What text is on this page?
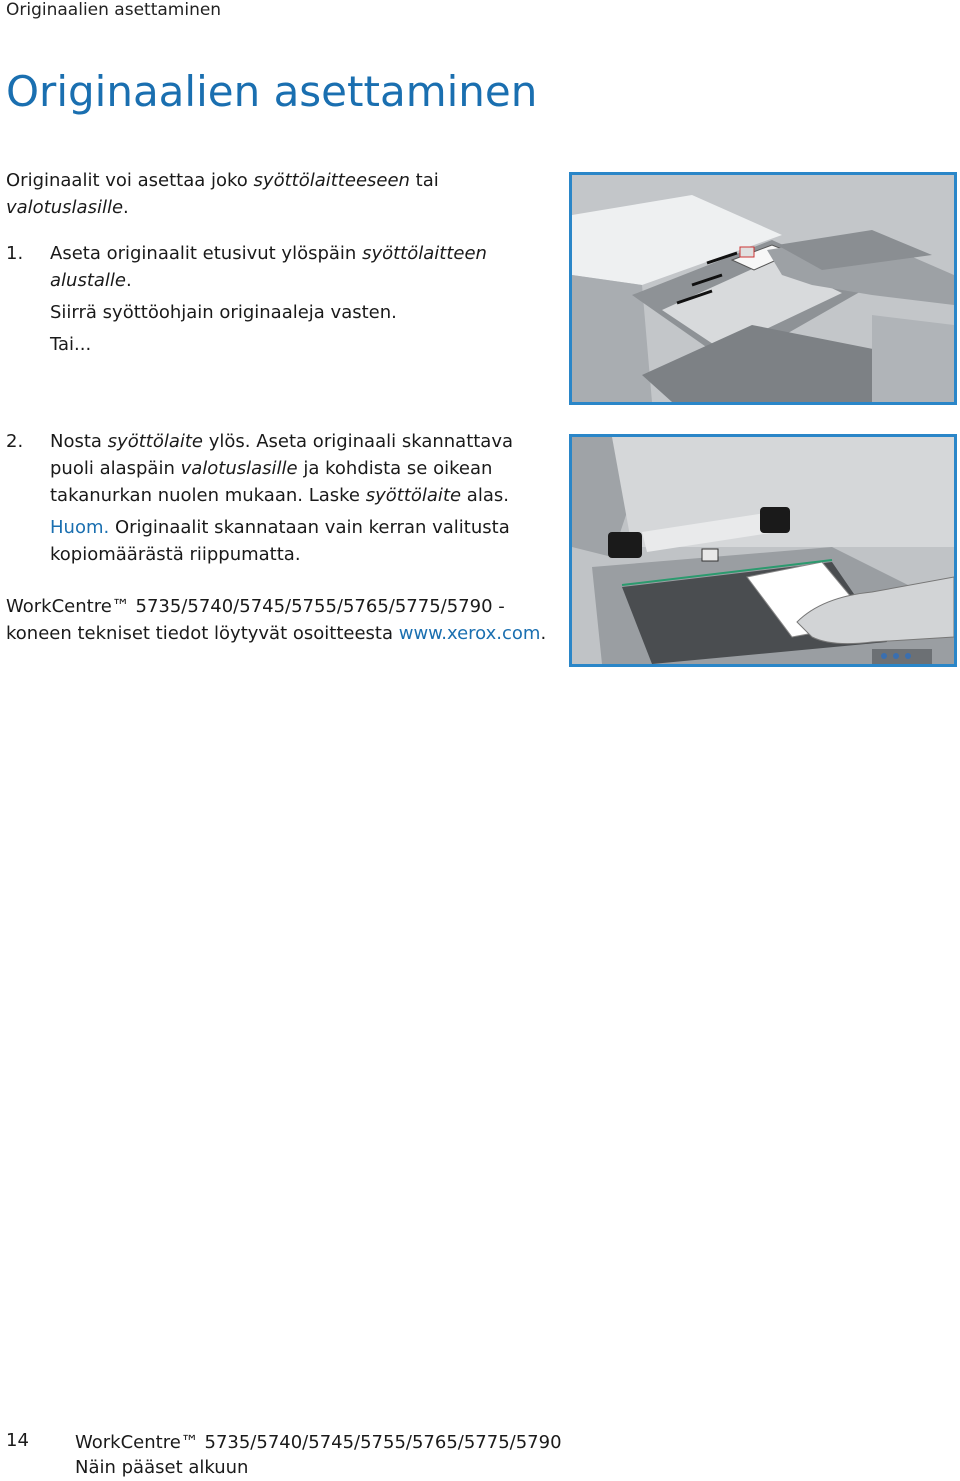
Originaalien asettaminen
Originaalien asettaminen
Originaalit voi asettaa joko syöttölaitteeseen tai valotuslasille.
1. Aseta originaalit etusivut ylöspäin syöttölaitteen alustalle.

Siirrä syöttöohjain originaaleja vasten.

Tai...

2. Nosta syöttölaite ylös. Aseta originaali skannattava puoli alaspäin valotuslasille ja kohdista se oikean takanurkan nuolen mukaan. Laske syöttölaite alas.

Huom. Originaalit skannataan vain kerran valitusta kopiomäärästä riippumatta.

WorkCentre™ 5735/5740/5745/5755/5765/5775/5790 -koneen tekniset tiedot löytyvät osoitteesta www.xerox.com.
14	WorkCentre™ 5735/5740/5745/5755/5765/5775/5790
Näin pääset alkuun
